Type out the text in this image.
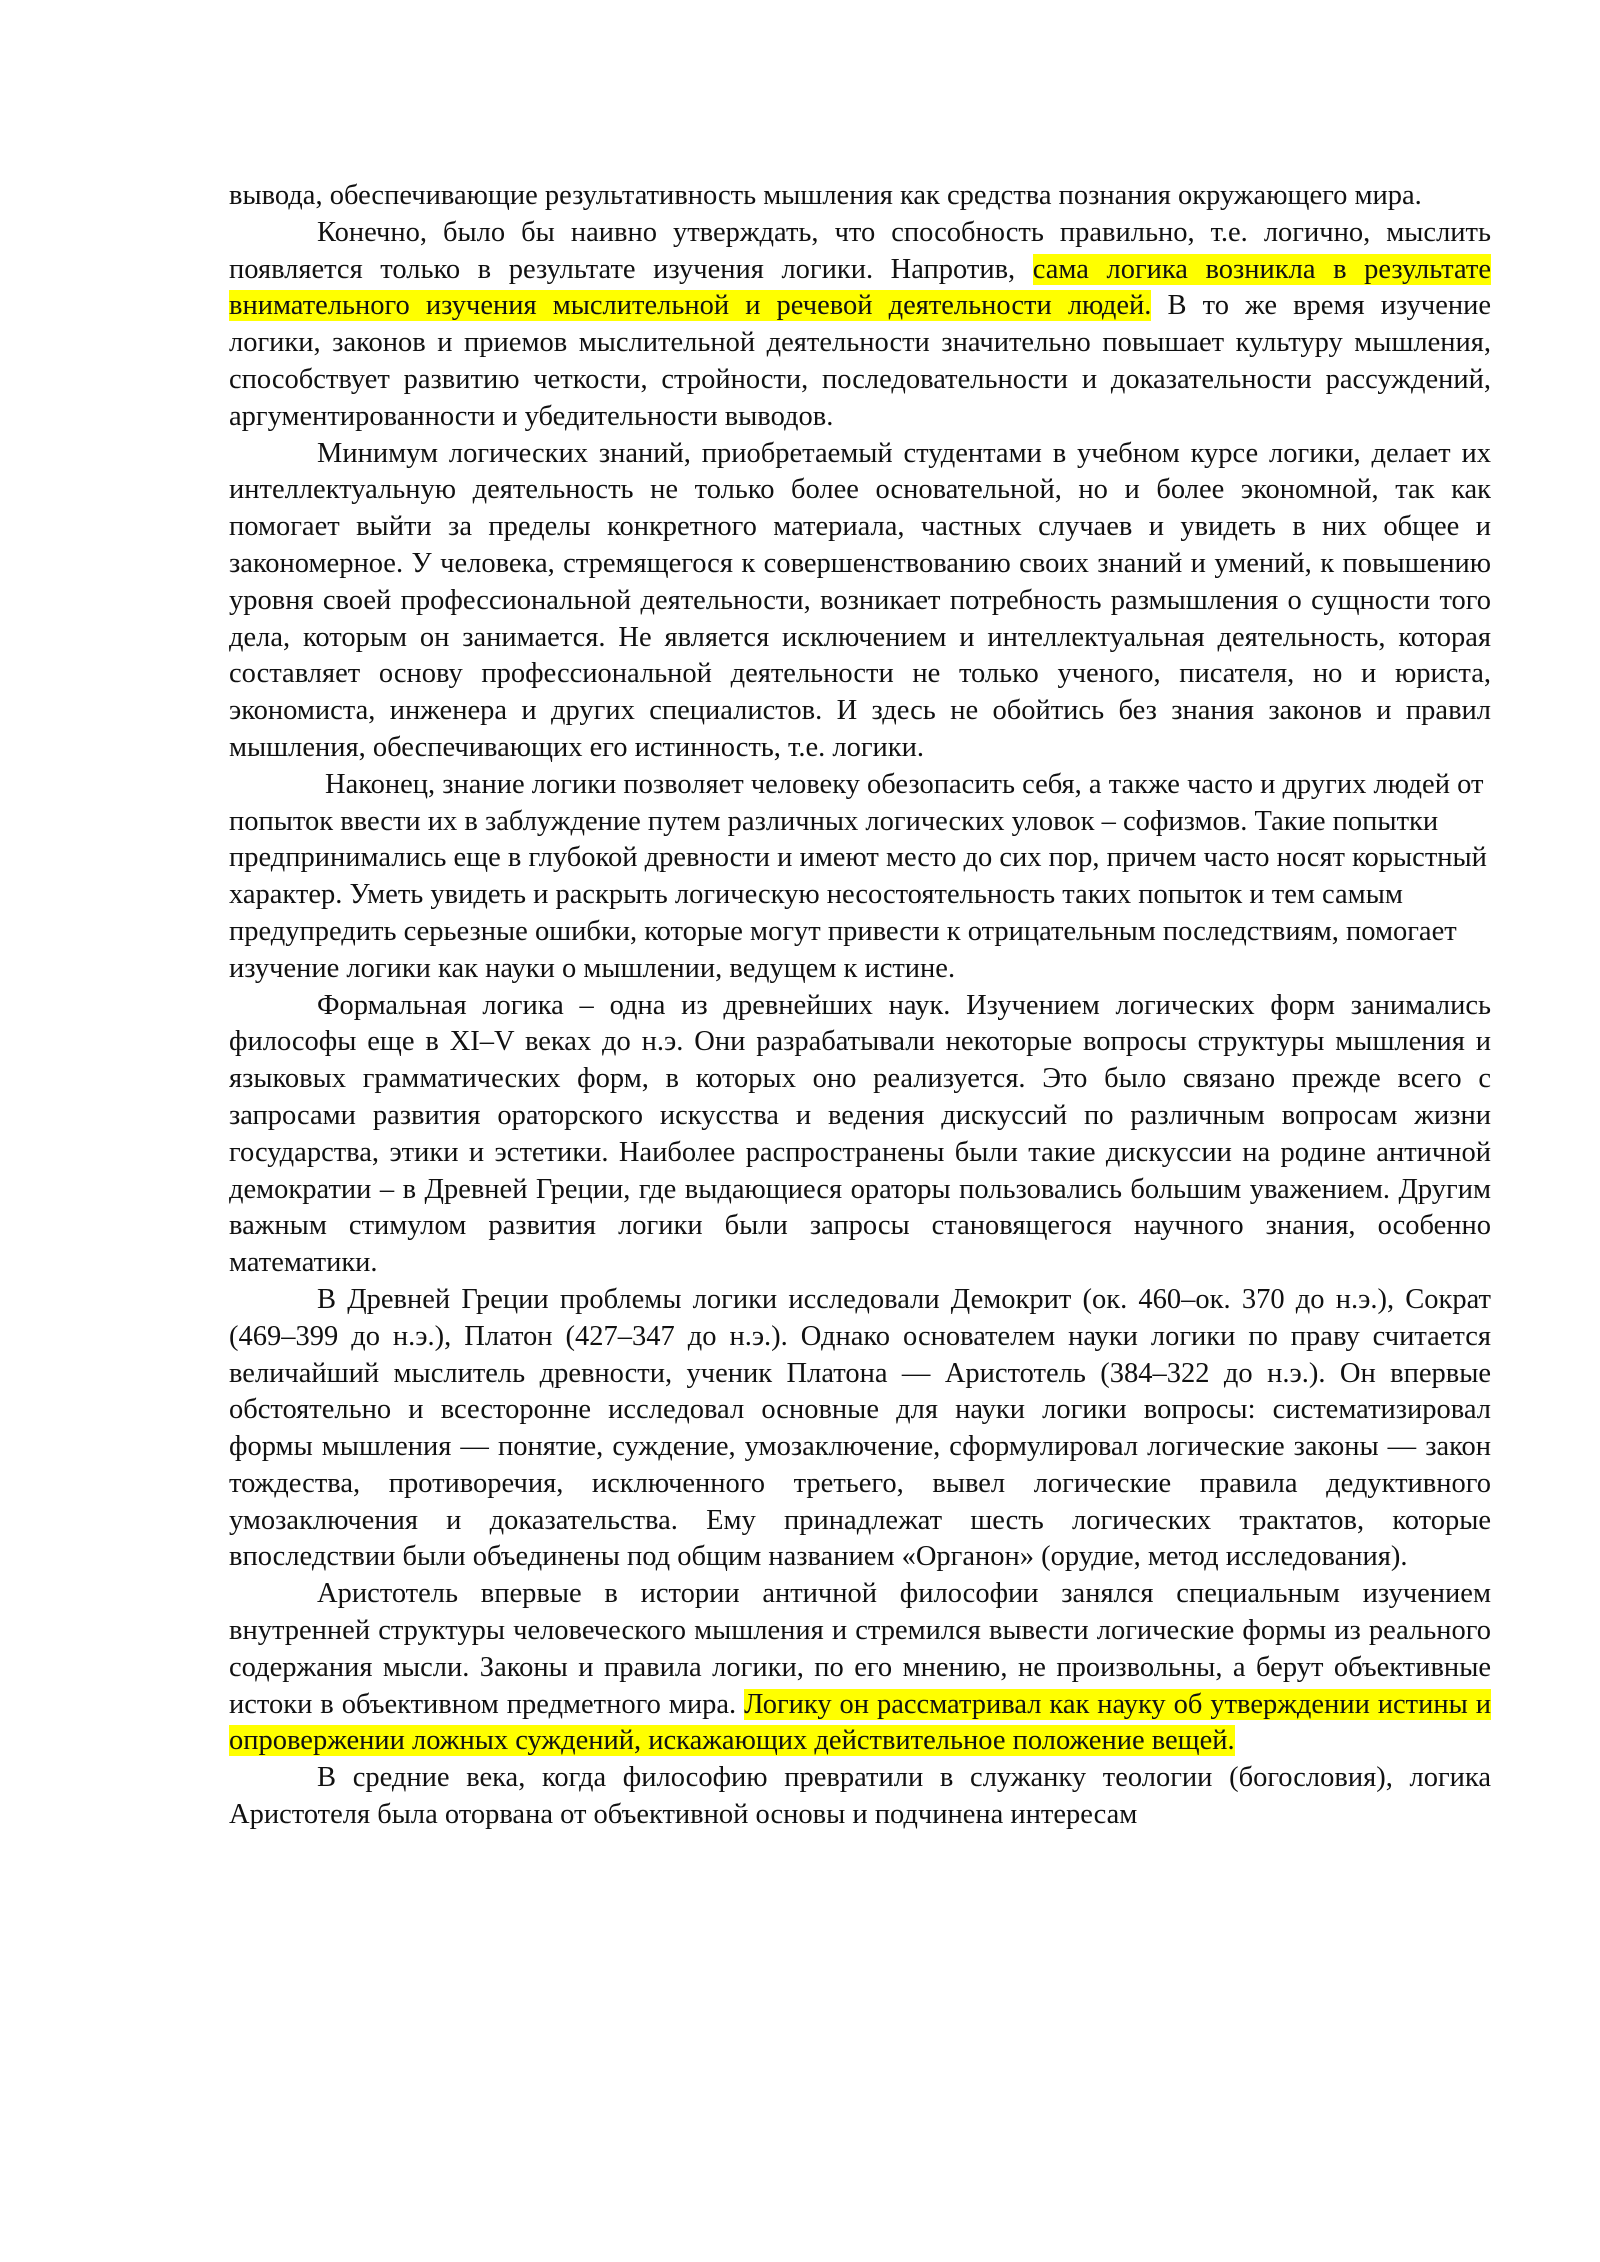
вывода, обеспечивающие результативность мышления как средства познания окружающего мира.

Конечно, было бы наивно утверждать, что способность правильно, т.е. логично, мыслить появляется только в результате изучения логики. Напротив, сама логика возникла в результате внимательного изучения мыслительной и речевой деятельности людей. В то же время изучение логики, законов и приемов мыслительной деятельности значительно повышает культуру мышления, способствует развитию четкости, стройности, последовательности и доказательности рассуждений, аргументированности и убедительности выводов.

Минимум логических знаний, приобретаемый студентами в учебном курсе логики, делает их интеллектуальную деятельность не только более основательной, но и более экономной, так как помогает выйти за пределы конкретного материала, частных случаев и увидеть в них общее и закономерное. У человека, стремящегося к совершенствованию своих знаний и умений, к повышению уровня своей профессиональной деятельности, возникает потребность размышления о сущности того дела, которым он занимается. Не является исключением и интеллектуальная деятельность, которая составляет основу профессиональной деятельности не только ученого, писателя, но и юриста, экономиста, инженера и других специалистов. И здесь не обойтись без знания законов и правил мышления, обеспечивающих его истинность, т.е. логики.

Наконец, знание логики позволяет человеку обезопасить себя, а также часто и других людей от попыток ввести их в заблуждение путем различных логических уловок – софизмов. Такие попытки предпринимались еще в глубокой древности и имеют место до сих пор, причем часто носят корыстный характер. Уметь увидеть и раскрыть логическую несостоятельность таких попыток и тем самым предупредить серьезные ошибки, которые могут привести к отрицательным последствиям, помогает изучение логики как науки о мышлении, ведущем к истине.

Формальная логика – одна из древнейших наук. Изучением логических форм занимались философы еще в XI–V веках до н.э. Они разрабатывали некоторые вопросы структуры мышления и языковых грамматических форм, в которых оно реализуется. Это было связано прежде всего с запросами развития ораторского искусства и ведения дискуссий по различным вопросам жизни государства, этики и эстетики. Наиболее распространены были такие дискуссии на родине античной демократии – в Древней Греции, где выдающиеся ораторы пользовались большим уважением. Другим важным стимулом развития логики были запросы становящегося научного знания, особенно математики.

В Древней Греции проблемы логики исследовали Демокрит (ок. 460–ок. 370 до н.э.), Сократ (469–399 до н.э.), Платон (427–347 до н.э.). Однако основателем науки логики по праву считается величайший мыслитель древности, ученик Платона — Аристотель (384–322 до н.э.). Он впервые обстоятельно и всесторонне исследовал основные для науки логики вопросы: систематизировал формы мышления — понятие, суждение, умозаключение, сформулировал логические законы — закон тождества, противоречия, исключенного третьего, вывел логические правила дедуктивного умозаключения и доказательства. Ему принадлежат шесть логических трактатов, которые впоследствии были объединены под общим названием «Органон» (орудие, метод исследования).

Аристотель впервые в истории античной философии занялся специальным изучением внутренней структуры человеческого мышления и стремился вывести логические формы из реального содержания мысли. Законы и правила логики, по его мнению, не произвольны, а берут объективные истоки в объективном предметного мира. Логику он рассматривал как науку об утверждении истины и опровержении ложных суждений, искажающих действительное положение вещей.

В средние века, когда философию превратили в служанку теологии (богословия), логика Аристотеля была оторвана от объективной основы и подчинена интересам
